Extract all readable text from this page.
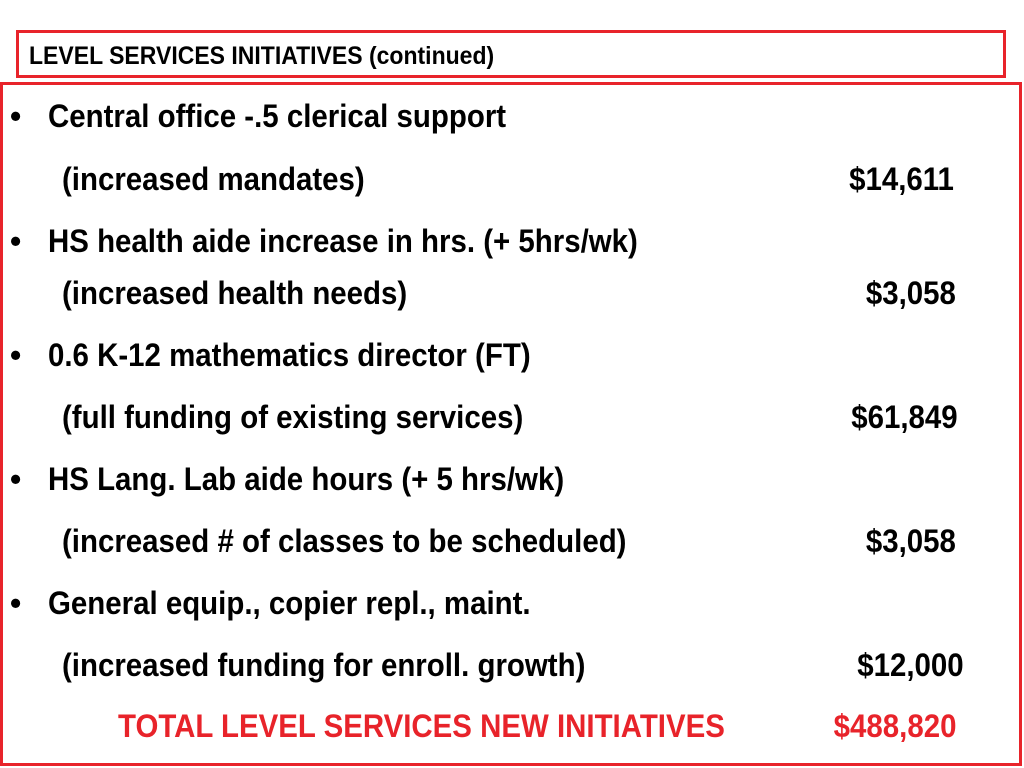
LEVEL SERVICES INITIATIVES (continued)
• Central office -.5 clerical support
(increased mandates)	$14,611
• HS health aide increase in hrs. (+ 5hrs/wk)
(increased health needs)	$3,058
• 0.6 K-12 mathematics director (FT)
(full funding of existing services)	$61,849
• HS Lang. Lab aide hours (+ 5 hrs/wk)
(increased # of classes to be scheduled)	$3,058
• General equip., copier repl., maint.
(increased funding for enroll. growth)	$12,000
TOTAL LEVEL SERVICES NEW INITIATIVES	$488,820
